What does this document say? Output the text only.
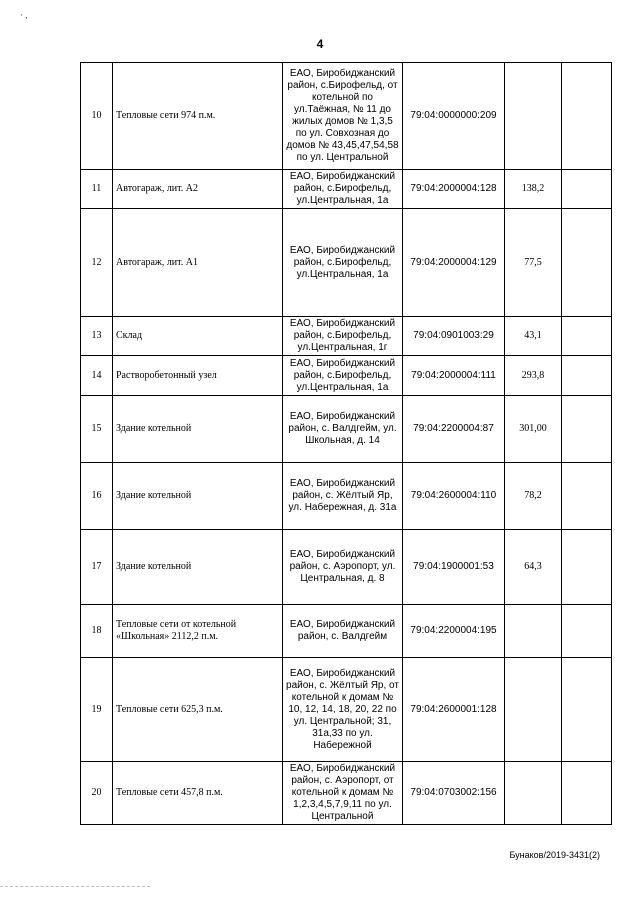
· ,
4
10	Тепловые сети 974 п.м.	ЕАО, Биробиджанский район, с.Бирофельд, от котельной по ул.Таёжная, № 11 до жилых домов № 1,3,5 по ул. Совхозная до домов № 43,45,47,54,58 по ул. Центральной	79:04:0000000:209		
11	Автогараж, лит. А2	ЕАО, Биробиджанский район, с.Бирофельд, ул.Центральная, 1а	79:04:2000004:128	138,2	
12	Автогараж, лит. А1	ЕАО, Биробиджанский район, с.Бирофельд, ул.Центральная, 1а	79:04:2000004:129	77,5	
13	Склад	ЕАО, Биробиджанский район, с.Бирофельд, ул.Центральная, 1г	79:04:0901003:29	43,1	
14	Растворобетонный узел	ЕАО, Биробиджанский район, с.Бирофельд, ул.Центральная, 1а	79:04:2000004:111	293,8	
15	Здание котельной	ЕАО, Биробиджанский район, с. Валдгейм, ул. Школьная, д. 14	79:04:2200004:87	301,00	
16	Здание котельной	ЕАО, Биробиджанский район, с. Жёлтый Яр, ул. Набережная, д. 31а	79:04:2600004:110	78,2	
17	Здание котельной	ЕАО, Биробиджанский район, с. Аэропорт, ул. Центральная, д. 8	79:04:1900001:53	64,3	
18	Тепловые сети от котельной «Школьная» 2112,2 п.м.	ЕАО, Биробиджанский район, с. Валдгейм	79:04:2200004:195		
19	Тепловые сети 625,3 п.м.	ЕАО, Биробиджанский район, с. Жёлтый Яр, от котельной к домам № 10, 12, 14, 18, 20, 22 по ул. Центральной; 31, 31а,33 по ул. Набережной	79:04:2600001:128		
20	Тепловые сети 457,8 п.м.	ЕАО, Биробиджанский район, с. Аэропорт, от котельной к домам № 1,2,3,4,5,7,9,11 по ул. Центральной	79:04:0703002:156		
Бунаков/2019-3431(2)
